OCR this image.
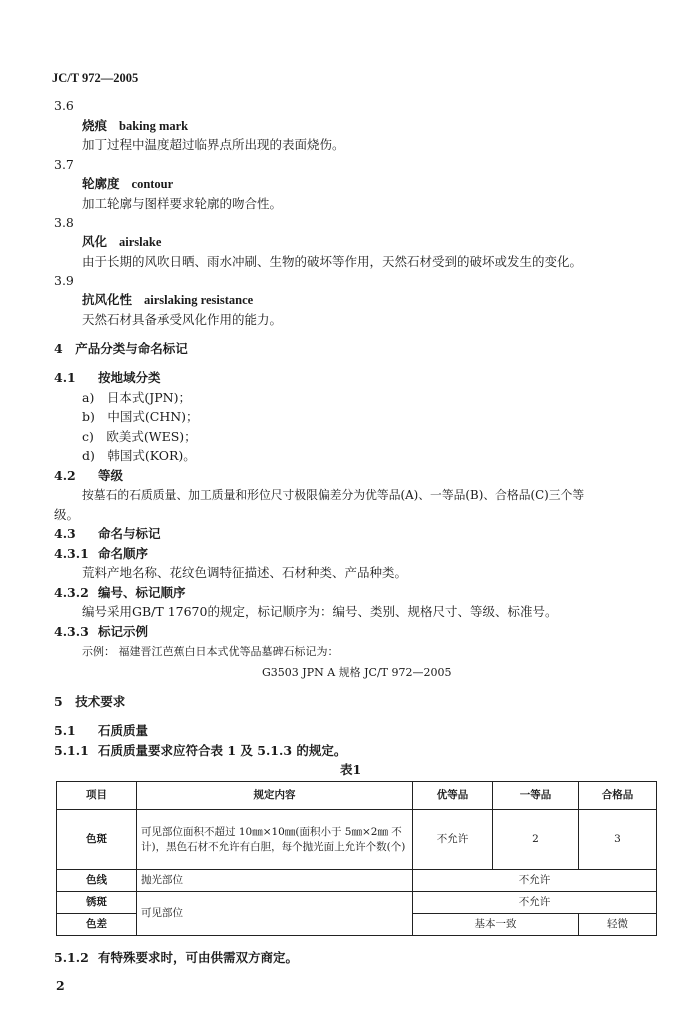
JC/T 972—2005
3.6
烧痕 baking mark
加丁过程中温度超过临界点所出现的表面烧伤。
3.7
轮廓度 contour
加工轮廓与图样要求轮廓的吻合性。
3.8
风化 airslake
由于长期的风吹日晒、雨水冲刷、生物的破坏等作用，天然石材受到的破坏或发生的变化。
3.9
抗风化性 airslaking resistance
天然石材具备承受风化作用的能力。
4　产品分类与命名标记
4.1 按地域分类
a)　日本式(JPN)；
b)　中国式(CHN)；
c)　欧美式(WES)；
d)　韩国式(KOR)。
4.2 等级
按墓石的石质质量、加工质量和形位尺寸极限偏差分为优等品(A)、一等品(B)、合格品(C)三个等
级。
4.3 命名与标记
4.3.1 命名顺序
荒料产地名称、花纹色调特征描述、石材种类、产品种类。
4.3.2 编号、标记顺序
编号采用GB/T 17670的规定，标记顺序为：编号、类别、规格尺寸、等级、标准号。
4.3.3 标记示例
示例： 福建晋江芭蕉白日本式优等品墓碑石标记为：
G3503 JPN A 规格 JC/T 972—2005
5　技术要求
5.1 石质质量
5.1.1 石质质量要求应符合表 1 及 5.1.3 的规定。
表1
项目	规定内容	优等品	一等品	合格品
色斑	可见部位面积不超过 10㎜×10㎜(面积小于 5㎜×2㎜ 不计)，黑色石材不允许有白胆，每个抛光面上允许个数(个)	不允许	2	3
色线	抛光部位	不允许		
锈斑	可见部位	不允许		
色差		基本一致		轻微
5.1.2 有特殊要求时，可由供需双方商定。
2
